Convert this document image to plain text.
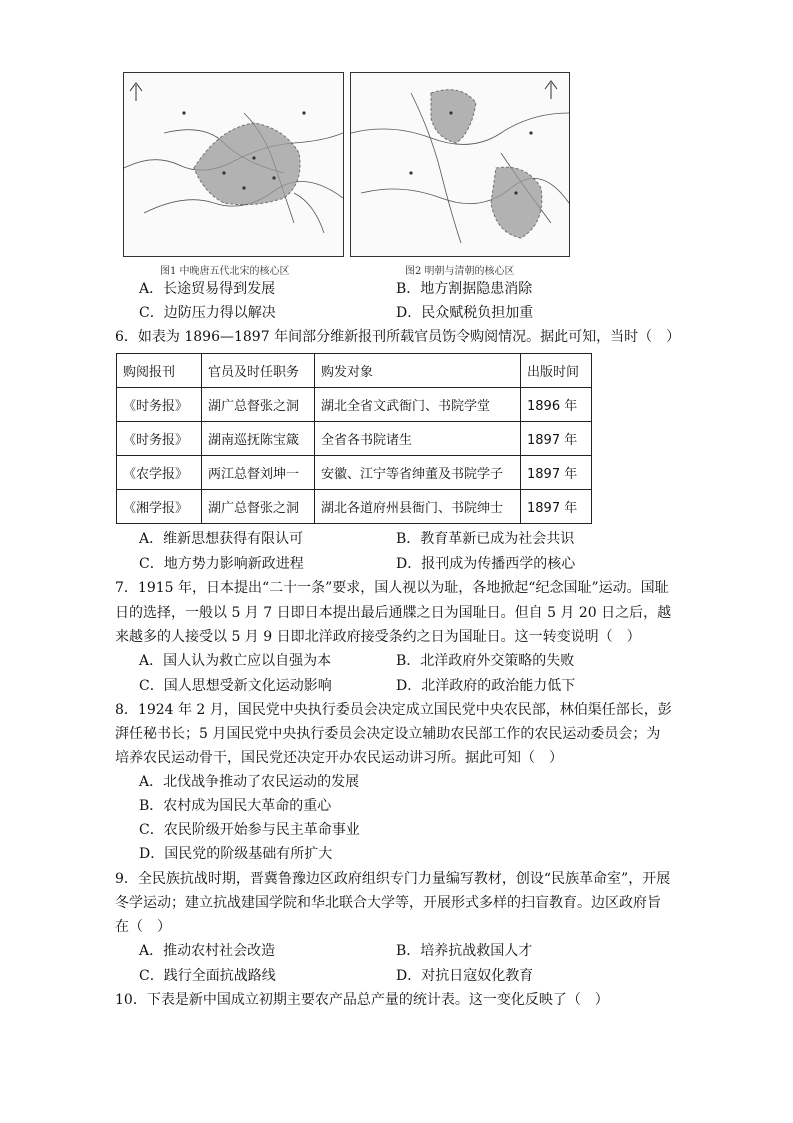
图1 中晚唐五代北宋的核心区	图2 明朝与清朝的核心区
A．长途贸易得到发展	B．地方割据隐患消除
C．边防压力得以解决	D．民众赋税负担加重
6．如表为 1896—1897 年间部分维新报刊所载官员饬令购阅情况。据此可知，当时（　）
购阅报刊	官员及时任职务	购发对象	出版时间
《时务报》	湖广总督张之洞	湖北全省文武衙门、书院学堂	1896 年
《时务报》	湖南巡抚陈宝箴	全省各书院诸生	1897 年
《农学报》	两江总督刘坤一	安徽、江宁等省绅董及书院学子	1897 年
《湘学报》	湖广总督张之洞	湖北各道府州县衙门、书院绅士	1897 年
A．维新思想获得有限认可	B．教育革新已成为社会共识
C．地方势力影响新政进程	D．报刊成为传播西学的核心
7．1915 年，日本提出“二十一条”要求，国人视以为耻，各地掀起“纪念国耻”运动。国耻
日的选择，一般以 5 月 7 日即日本提出最后通牒之日为国耻日。但自 5 月 20 日之后，越
来越多的人接受以 5 月 9 日即北洋政府接受条约之日为国耻日。这一转变说明（　）
A．国人认为救亡应以自强为本	B．北洋政府外交策略的失败
C．国人思想受新文化运动影响	D．北洋政府的政治能力低下
8．1924 年 2 月，国民党中央执行委员会决定成立国民党中央农民部，林伯渠任部长，彭
湃任秘书长；5 月国民党中央执行委员会决定设立辅助农民部工作的农民运动委员会；为
培养农民运动骨干，国民党还决定开办农民运动讲习所。据此可知（　）
A．北伐战争推动了农民运动的发展
B．农村成为国民大革命的重心
C．农民阶级开始参与民主革命事业
D．国民党的阶级基础有所扩大
9．全民族抗战时期，晋冀鲁豫边区政府组织专门力量编写教材，创设“民族革命室”，开展
冬学运动；建立抗战建国学院和华北联合大学等，开展形式多样的扫盲教育。边区政府旨
在（　）
A．推动农村社会改造	B．培养抗战救国人才
C．践行全面抗战路线	D．对抗日寇奴化教育
10．下表是新中国成立初期主要农产品总产量的统计表。这一变化反映了（　）
